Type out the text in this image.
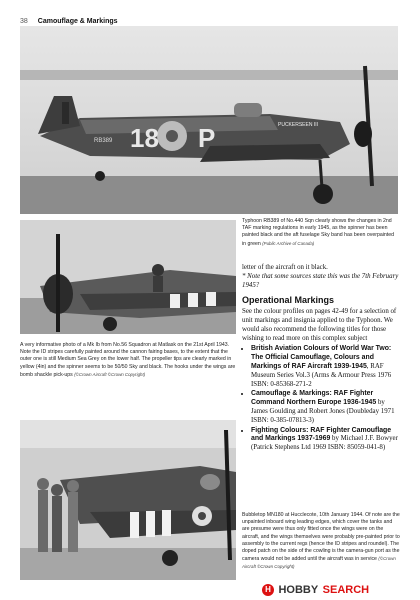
38 Camouflage & Markings
18 P
RB389
PUCKERSEEN III
Typhoon RB389 of No.440 Sqn clearly shows the changes in 2nd TAF marking regulations in early 1945, as the spinner has been painted black and the aft fuselage Sky band has been overpainted in green (Public Archive of Canada)
A very informative photo of a Mk Ib from No.56 Squadron at Matlask on the 21st April 1943. Note the ID stripes carefully painted around the cannon fairing bases, to the extent that the outer one is still Medium Sea Grey on the lower half. The propeller tips are clearly marked in yellow (4in) and the spinner seems to be 50/50 Sky and black. The hooks under the wings are bomb shackle pick-ups (©Crown Aircraft ©Crown Copyright)

letter of the aircraft on it black.

* Note that some sources state this was the 7th February 1945?

Operational Markings

See the colour profiles on pages 42-49 for a selection of unit markings and insignia applied to the Typhoon. We would also recommend the following titles for those wishing to read more on this complex subject

• British Aviation Colours of World War Two: The Official Camouflage, Colours and Markings of RAF Aircraft 1939-1945, RAF Museum Series Vol.3 (Arms & Armour Press 1976 ISBN: 0-85368-271-2
• Camouflage & Markings: RAF Fighter Command Northern Europe 1936-1945 by James Goulding and Robert Jones (Doubleday 1971 ISBN: 0-385-07813-3)
• Fighting Colours: RAF Fighter Camouflage and Markings 1937-1969 by Michael J.F. Bowyer (Patrick Stephens Ltd 1969 ISBN: 85059-041-8)
Bubbletop MN180 at Hucclecote, 10th January 1944. Of note are the unpainted inboard wing leading edges, which cover the tanks and are presume were thus only fitted once the wings were on the aircraft, and the wings themselves were probably pre-painted prior to assembly to the current regs (hence the ID stripes and roundel). The doped patch on the side of the cowling is the camera-gun port as the camera would not be added until the aircraft was in service (©Crown Aircraft ©Crown Copyright)
H HOBBY SEARCH
